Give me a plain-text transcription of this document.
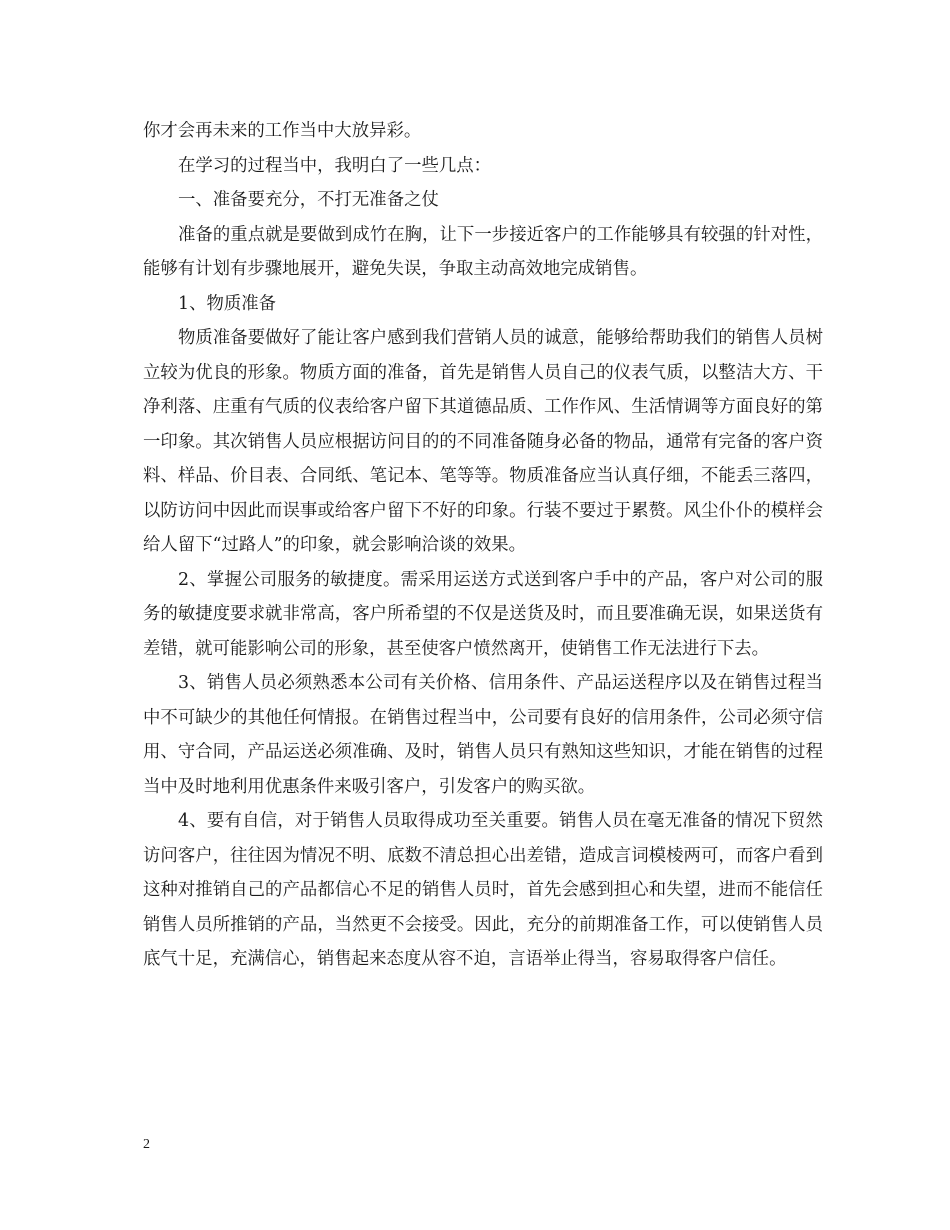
你才会再未来的工作当中大放异彩。

在学习的过程当中，我明白了一些几点：

一、准备要充分，不打无准备之仗

准备的重点就是要做到成竹在胸，让下一步接近客户的工作能够具有较强的针对性，能够有计划有步骤地展开，避免失误，争取主动高效地完成销售。

1、物质准备

物质准备要做好了能让客户感到我们营销人员的诚意，能够给帮助我们的销售人员树立较为优良的形象。物质方面的准备，首先是销售人员自己的仪表气质，以整洁大方、干净利落、庄重有气质的仪表给客户留下其道德品质、工作作风、生活情调等方面良好的第一印象。其次销售人员应根据访问目的的不同准备随身必备的物品，通常有完备的客户资料、样品、价目表、合同纸、笔记本、笔等等。物质准备应当认真仔细，不能丢三落四，以防访问中因此而误事或给客户留下不好的印象。行装不要过于累赘。风尘仆仆的模样会给人留下“过路人”的印象，就会影响洽谈的效果。

2、掌握公司服务的敏捷度。需采用运送方式送到客户手中的产品，客户对公司的服务的敏捷度要求就非常高，客户所希望的不仅是送货及时，而且要准确无误，如果送货有差错，就可能影响公司的形象，甚至使客户愤然离开，使销售工作无法进行下去。

3、销售人员必须熟悉本公司有关价格、信用条件、产品运送程序以及在销售过程当中不可缺少的其他任何情报。在销售过程当中，公司要有良好的信用条件，公司必须守信用、守合同，产品运送必须准确、及时，销售人员只有熟知这些知识，才能在销售的过程当中及时地利用优惠条件来吸引客户，引发客户的购买欲。

4、要有自信，对于销售人员取得成功至关重要。销售人员在毫无准备的情况下贸然访问客户，往往因为情况不明、底数不清总担心出差错，造成言词模棱两可，而客户看到这种对推销自己的产品都信心不足的销售人员时，首先会感到担心和失望，进而不能信任销售人员所推销的产品，当然更不会接受。因此，充分的前期准备工作，可以使销售人员底气十足，充满信心，销售起来态度从容不迫，言语举止得当，容易取得客户信任。

2
